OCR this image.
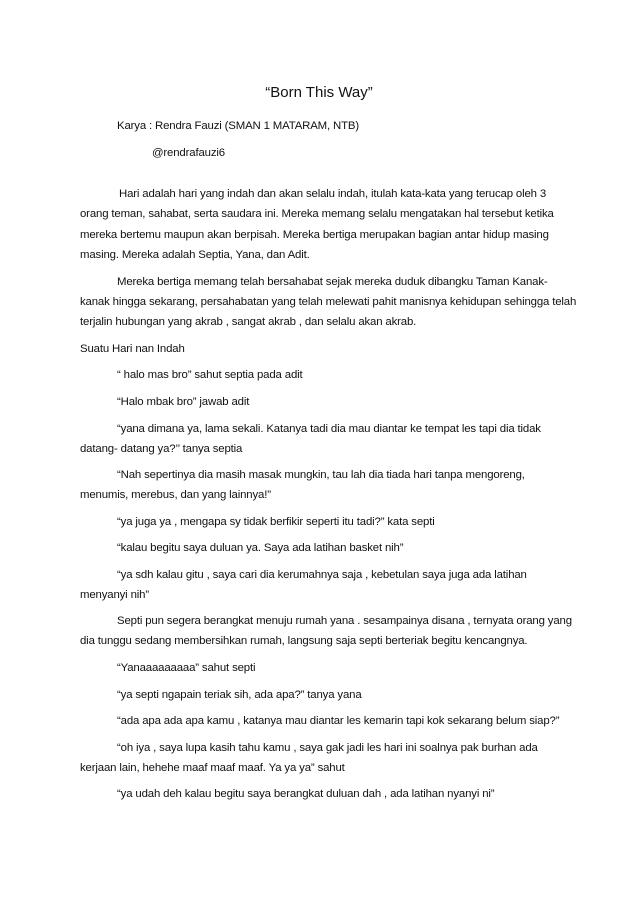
“Born This Way”
Karya : Rendra Fauzi (SMAN 1 MATARAM, NTB)
@rendrafauzi6
Hari adalah hari yang indah dan akan selalu indah, itulah kata-kata yang terucap oleh 3
orang teman, sahabat, serta saudara ini. Mereka memang selalu mengatakan hal tersebut ketika
mereka bertemu maupun akan berpisah. Mereka bertiga merupakan bagian antar hidup masing
masing. Mereka adalah Septia, Yana, dan Adit.
Mereka bertiga memang telah bersahabat sejak mereka duduk dibangku Taman Kanak-
kanak hingga sekarang, persahabatan yang telah melewati pahit manisnya kehidupan sehingga telah
terjalin hubungan yang akrab , sangat akrab , dan selalu akan akrab.
Suatu Hari nan Indah
“ halo mas bro” sahut septia pada adit
“Halo mbak bro” jawab adit
“yana dimana ya, lama sekali. Katanya tadi dia mau diantar ke tempat les tapi dia tidak
datang- datang ya?’’ tanya septia
“Nah sepertinya dia masih masak mungkin, tau lah dia tiada hari tanpa mengoreng,
menumis, merebus, dan yang lainnya!”
“ya juga ya , mengapa sy tidak berfikir seperti itu tadi?” kata septi
“kalau begitu saya duluan ya. Saya ada latihan basket nih”
“ya sdh kalau gitu , saya cari dia kerumahnya saja , kebetulan saya juga ada latihan
menyanyi nih”
Septi pun segera berangkat menuju rumah yana . sesampainya disana , ternyata orang yang
dia tunggu sedang membersihkan rumah, langsung saja septi berteriak begitu kencangnya.
“Yanaaaaaaaaa” sahut septi
“ya septi ngapain teriak sih, ada apa?” tanya yana
“ada apa ada apa kamu , katanya mau diantar les kemarin tapi kok sekarang belum siap?”
“oh iya , saya lupa kasih tahu kamu , saya gak jadi les hari ini soalnya pak burhan ada
kerjaan lain, hehehe maaf maaf maaf. Ya ya ya” sahut
“ya udah deh kalau begitu saya berangkat duluan dah , ada latihan nyanyi ni”
